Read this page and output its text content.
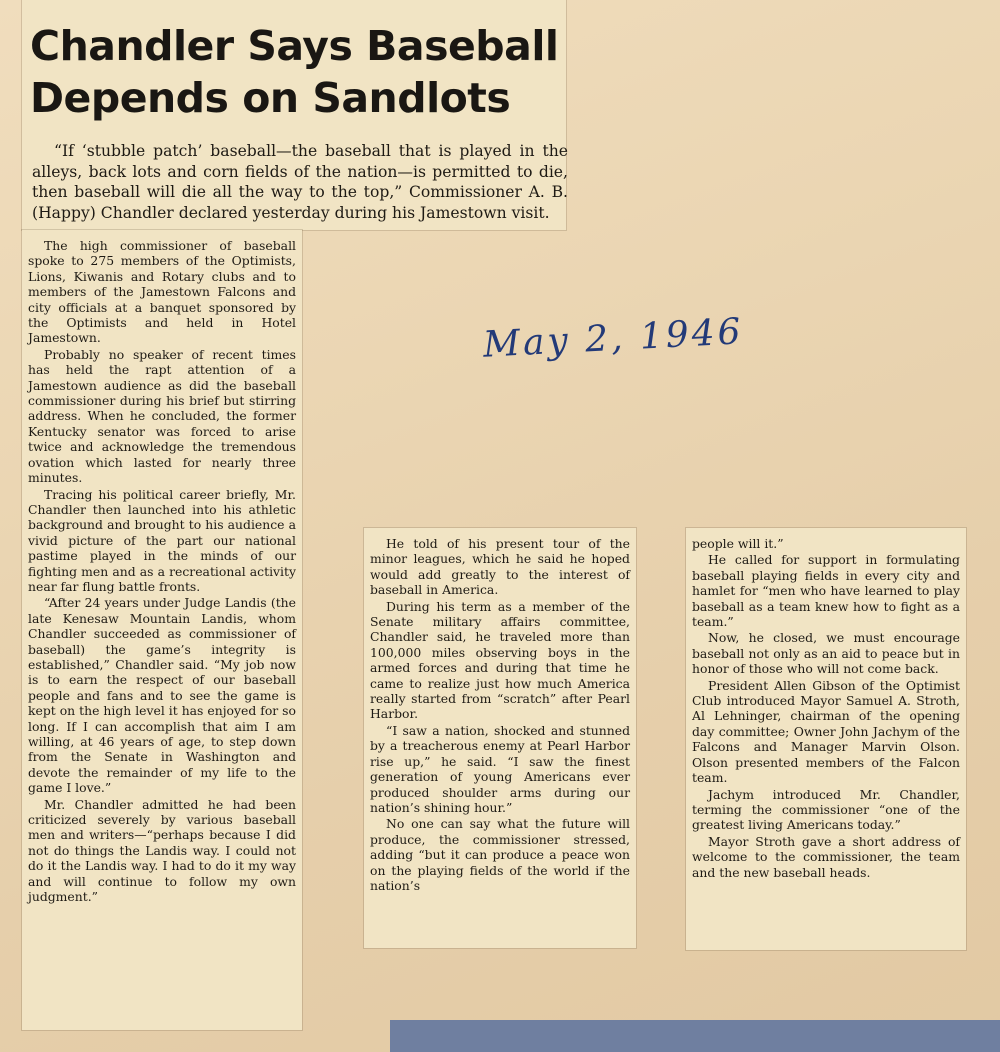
Chandler Says Baseball
Depends on Sandlots

“If ‘stubble patch’ baseball—the baseball that is played in the alleys, back lots and corn fields of the nation—is permitted to die, then baseball will die all the way to the top,” Commissioner A. B. (Happy) Chandler declared yesterday during his Jamestown visit.

The high commissioner of baseball spoke to 275 members of the Optimists, Lions, Kiwanis and Rotary clubs and to members of the Jamestown Falcons and city officials at a banquet sponsored by the Optimists and held in Hotel Jamestown.

Probably no speaker of recent times has held the rapt attention of a Jamestown audience as did the baseball commissioner during his brief but stirring address. When he concluded, the former Kentucky senator was forced to arise twice and acknowledge the tremendous ovation which lasted for nearly three minutes.

Tracing his political career briefly, Mr. Chandler then launched into his athletic background and brought to his audience a vivid picture of the part our national pastime played in the minds of our fighting men and as a recreational activity near far flung battle fronts.

“After 24 years under Judge Landis (the late Kenesaw Mountain Landis, whom Chandler succeeded as commissioner of baseball) the game’s integrity is established,” Chandler said. “My job now is to earn the respect of our baseball people and fans and to see the game is kept on the high level it has enjoyed for so long. If I can accomplish that aim I am willing, at 46 years of age, to step down from the Senate in Washington and devote the remainder of my life to the game I love.”

Mr. Chandler admitted he had been criticized severely by various baseball men and writers—“perhaps because I did not do things the Landis way. I could not do it the Landis way. I had to do it my way and will continue to follow my own judgment.”

May 2, 1946

He told of his present tour of the minor leagues, which he said he hoped would add greatly to the interest of baseball in America.

During his term as a member of the Senate military affairs committee, Chandler said, he traveled more than 100,000 miles observing boys in the armed forces and during that time he came to realize just how much America really started from “scratch” after Pearl Harbor.

“I saw a nation, shocked and stunned by a treacherous enemy at Pearl Harbor rise up,” he said. “I saw the finest generation of young Americans ever produced shoulder arms during our nation’s shining hour.”

No one can say what the future will produce, the commissioner stressed, adding “but it can produce a peace won on the playing fields of the world if the nation’s

people will it.”

He called for support in formulating baseball playing fields in every city and hamlet for “men who have learned to play baseball as a team knew how to fight as a team.”

Now, he closed, we must encourage baseball not only as an aid to peace but in honor of those who will not come back.

President Allen Gibson of the Optimist Club introduced Mayor Samuel A. Stroth, Al Lehninger, chairman of the opening day committee; Owner John Jachym of the Falcons and Manager Marvin Olson. Olson presented members of the Falcon team.

Jachym introduced Mr. Chandler, terming the commissioner “one of the greatest living Americans today.”

Mayor Stroth gave a short address of welcome to the commissioner, the team and the new baseball heads.
